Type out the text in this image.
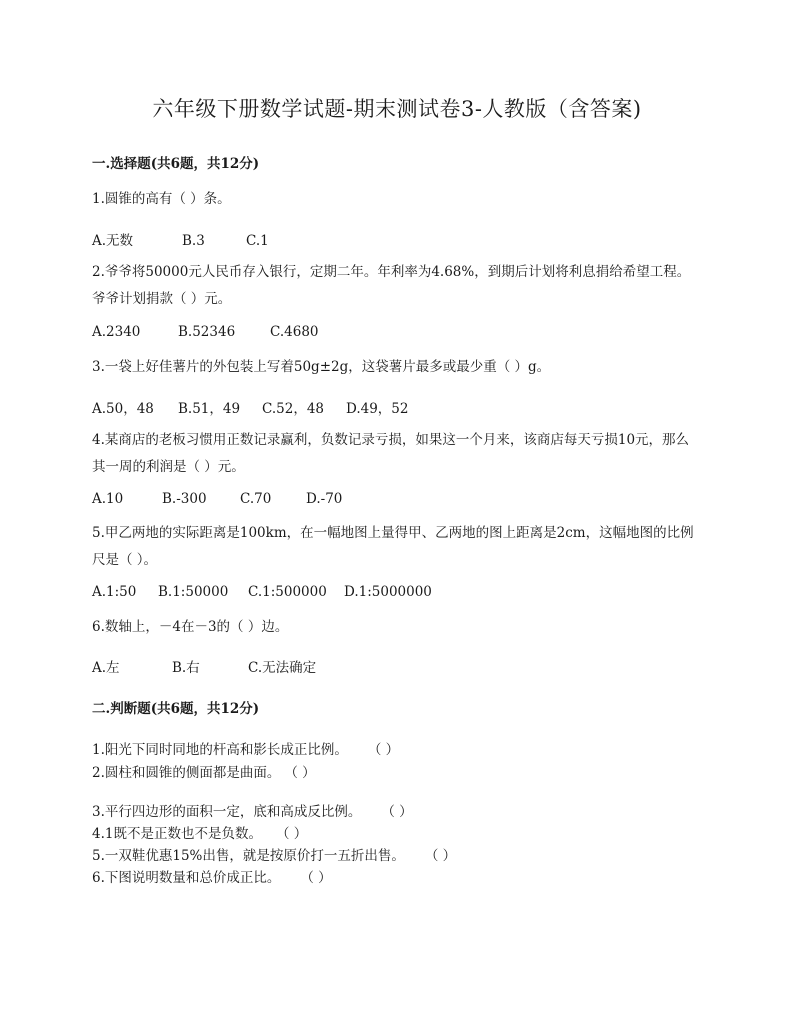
六年级下册数学试题-期末测试卷3-人教版（含答案)
一.选择题(共6题，共12分)
1.圆锥的高有（ ）条。
A.无数	B.3	C.1
2.爷爷将50000元人民币存入银行，定期二年。年利率为4.68%，到期后计划将利息捐给希望工程。爷爷计划捐款（ ）元。
A.2340	B.52346	C.4680
3.一袋上好佳薯片的外包装上写着50g±2g，这袋薯片最多或最少重（ ）g。
A.50，48 B.51，49 C.52，48 D.49，52
4.某商店的老板习惯用正数记录赢利，负数记录亏损，如果这一个月来，该商店每天亏损10元，那么其一周的利润是（ ）元。
A.10	B.-300 C.70	D.-70
5.甲乙两地的实际距离是100km，在一幅地图上量得甲、乙两地的图上距离是2cm，这幅地图的比例尺是（ ）。
A.1:50 B.1:50000 C.1:500000 D.1:5000000
6.数轴上，－4在－3的（ ）边。
A.左	B.右	C.无法确定
二.判断题(共6题，共12分)
1.阳光下同时同地的杆高和影长成正比例。 （ ）
2.圆柱和圆锥的侧面都是曲面。 （ ）
3.平行四边形的面积一定，底和高成反比例。 （ ）
4.1既不是正数也不是负数。 （ ）
5.一双鞋优惠15%出售，就是按原价打一五折出售。 （ ）
6.下图说明数量和总价成正比。 （ ）
